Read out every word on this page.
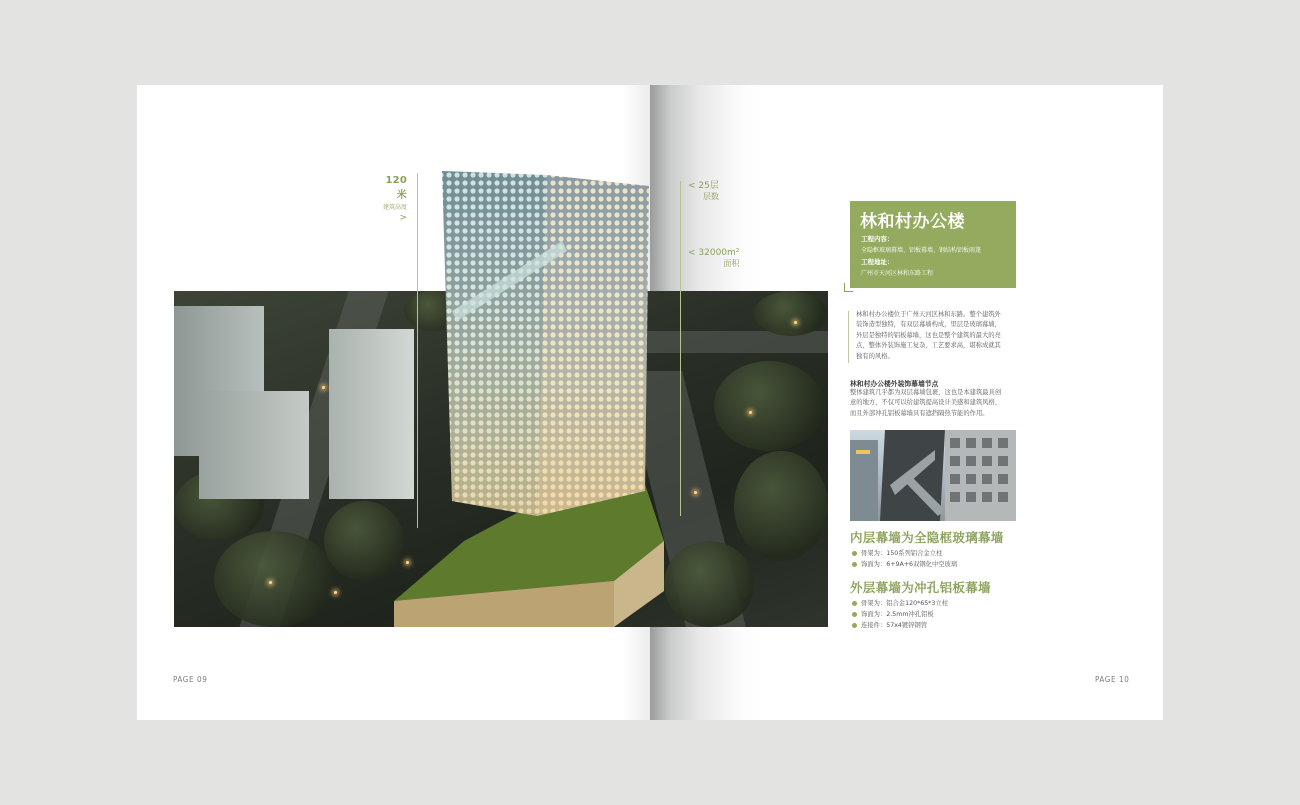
120米
建筑高度
>
< 25层
层数
< 32000m²
面积
林和村办公楼
工程内容：
全隐框玻璃幕墙、铝板幕墙、钢结构铝板雨篷
工程地址：
广州市天河区林和东路工程
林和村办公楼位于广州天河区林和东路。整个建筑外
装饰造型独特，有双层幕墙构成，里层是玻璃幕墙，
外层是独特的铝板幕墙，这也是整个建筑的最大的亮
点，整体外装饰施工复杂，工艺要求高，堪称成就其
独有的风格。
林和村办公楼外装饰幕墙节点
整体建筑几乎都为双层幕墙包裹，这也是本建筑最具创
意的地方，不仅可以给建筑提高设计美感和建筑风格，
而且外部冲孔铝板幕墙具有遮挡隔热节能的作用。
内层幕墙为全隐框玻璃幕墙
骨架为：150系列铝合金立柱
饰面为：6+9A+6双钢化中空玻璃
外层幕墙为冲孔铝板幕墙
骨架为：铝合金120*65*3立柱
饰面为：2.5mm冲孔铝板
连接件：57x4镀锌钢管
PAGE 09	PAGE 10
